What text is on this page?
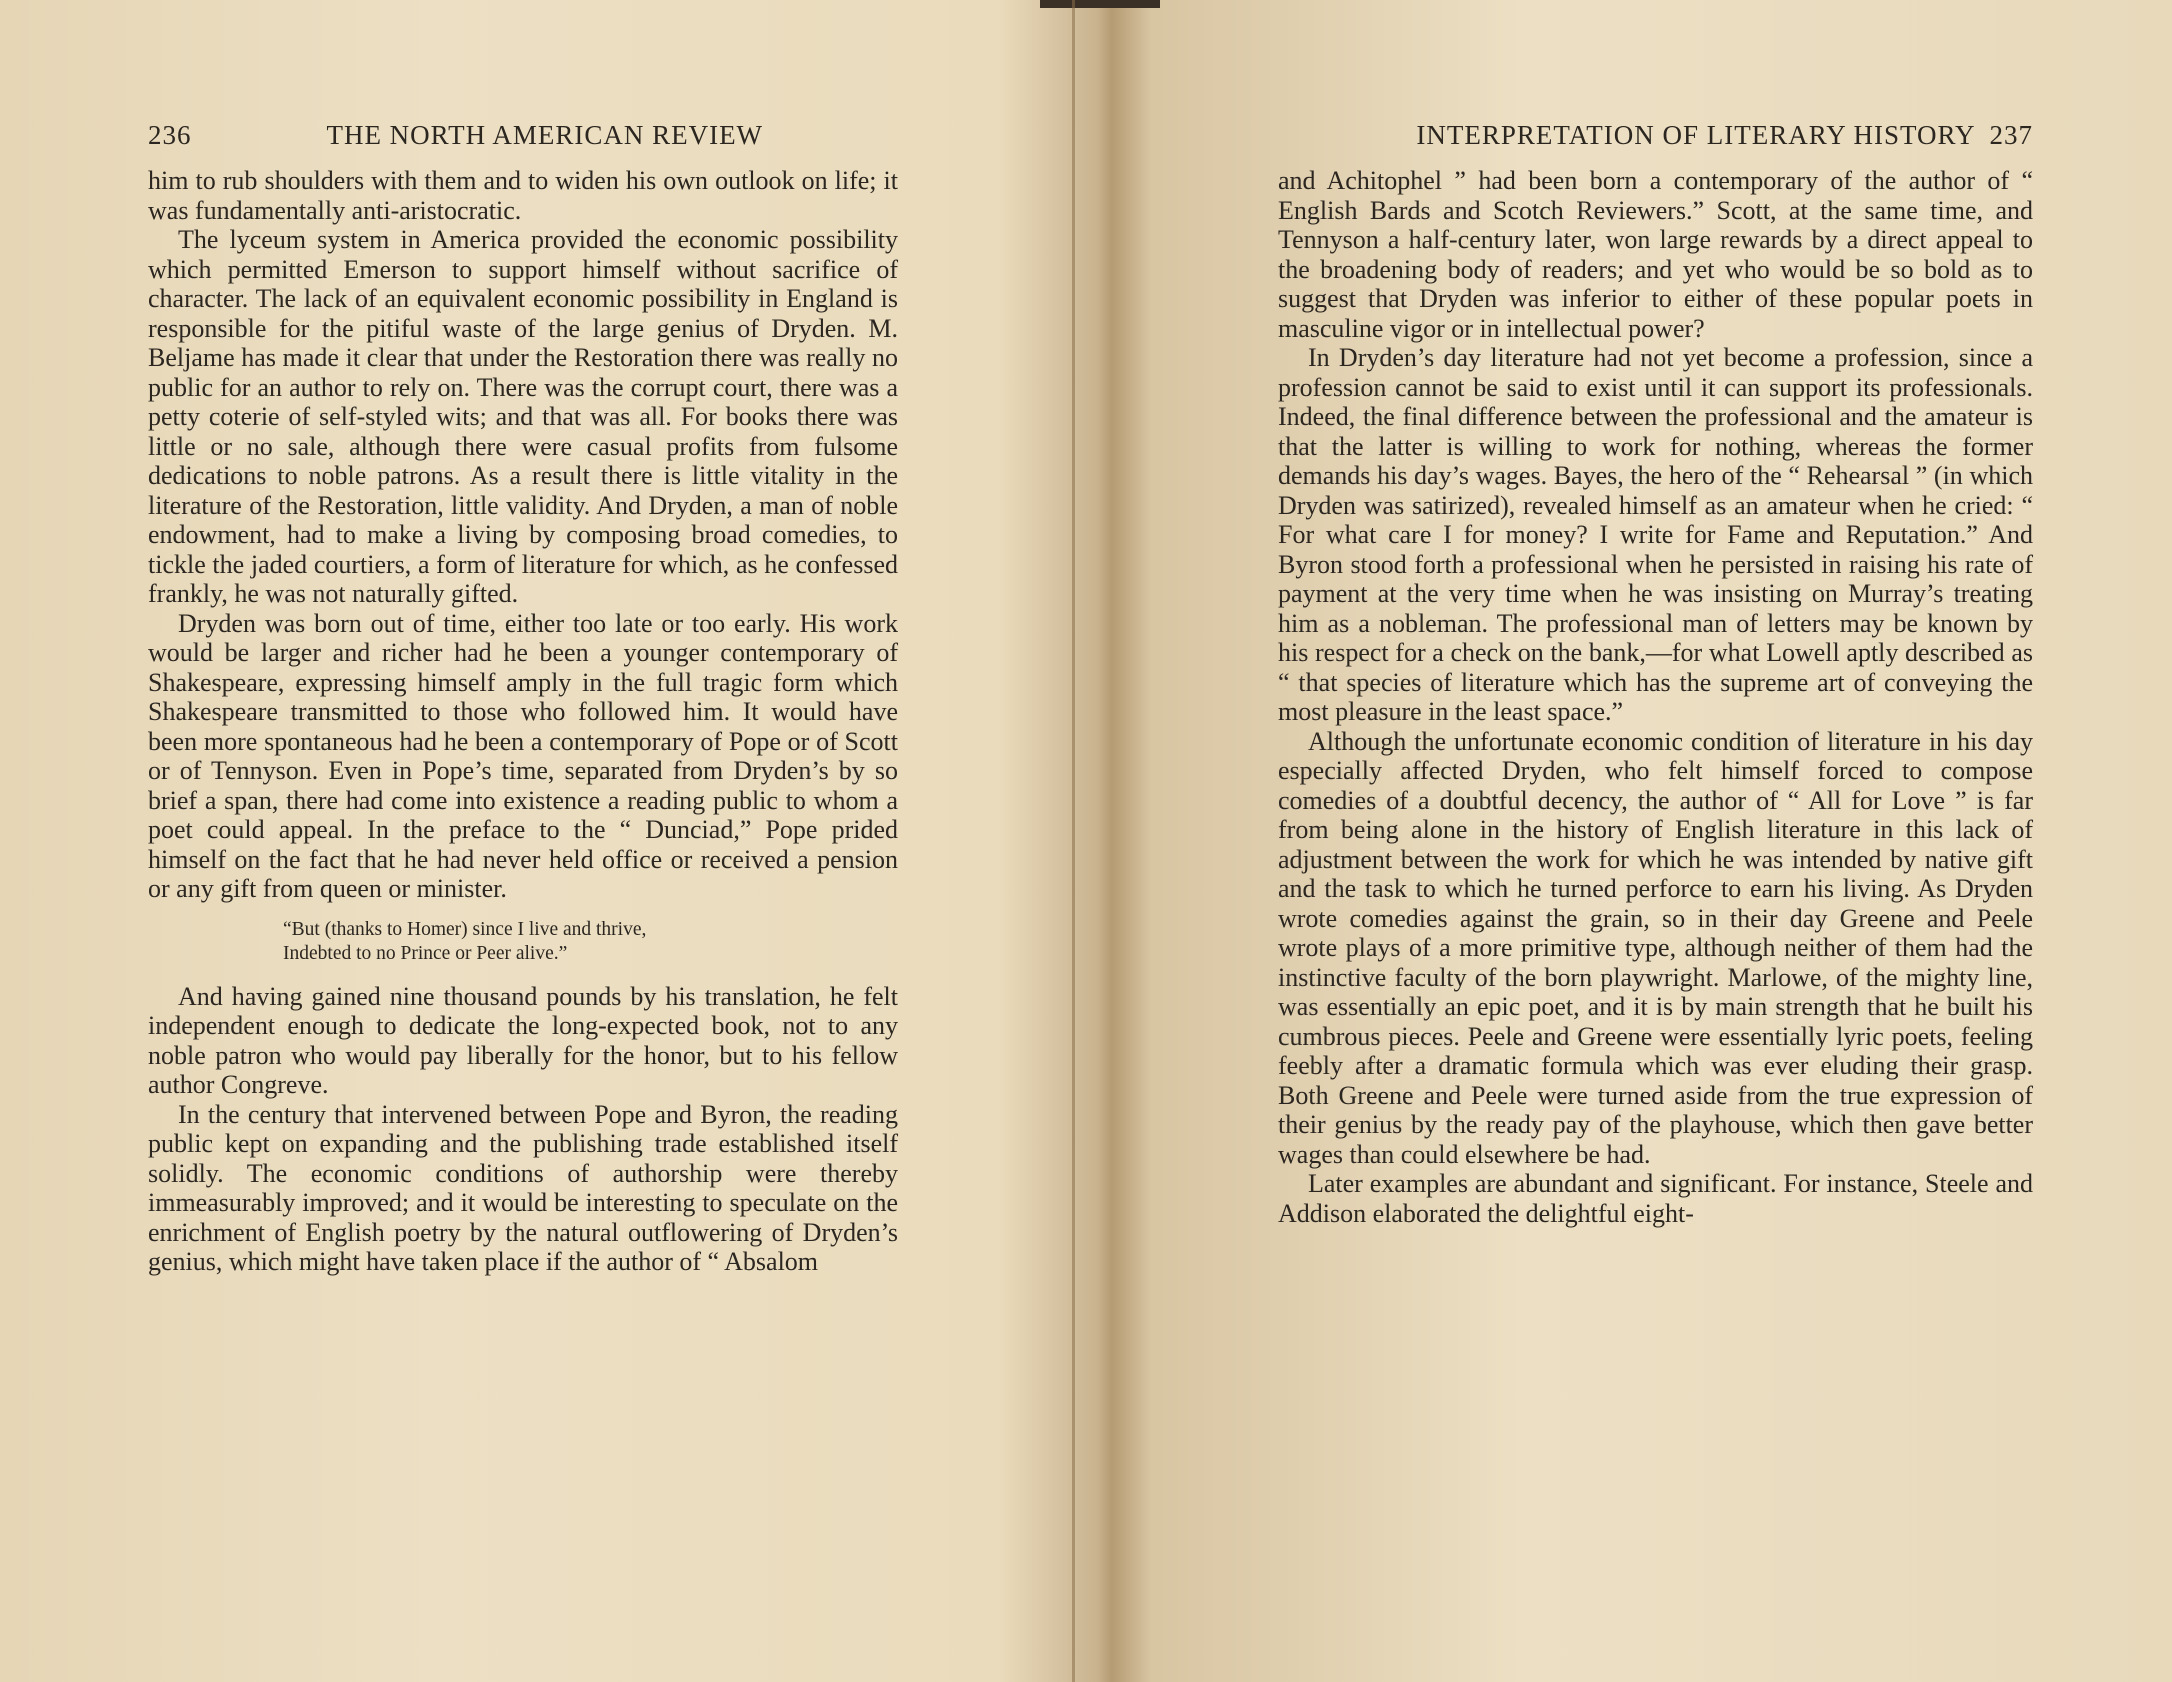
236	THE NORTH AMERICAN REVIEW

him to rub shoulders with them and to widen his own outlook on life; it was fundamentally anti-aristocratic.

The lyceum system in America provided the economic possibility which permitted Emerson to support himself without sacrifice of character. The lack of an equivalent economic possibility in England is responsible for the pitiful waste of the large genius of Dryden. M. Beljame has made it clear that under the Restoration there was really no public for an author to rely on. There was the corrupt court, there was a petty coterie of self-styled wits; and that was all. For books there was little or no sale, although there were casual profits from fulsome dedications to noble patrons. As a result there is little vitality in the literature of the Restoration, little validity. And Dryden, a man of noble endowment, had to make a living by composing broad comedies, to tickle the jaded courtiers, a form of literature for which, as he confessed frankly, he was not naturally gifted.

Dryden was born out of time, either too late or too early. His work would be larger and richer had he been a younger contemporary of Shakespeare, expressing himself amply in the full tragic form which Shakespeare transmitted to those who followed him. It would have been more spontaneous had he been a contemporary of Pope or of Scott or of Tennyson. Even in Pope’s time, separated from Dryden’s by so brief a span, there had come into existence a reading public to whom a poet could appeal. In the preface to the “ Dunciad,” Pope prided himself on the fact that he had never held office or received a pension or any gift from queen or minister.

“But (thanks to Homer) since I live and thrive,
Indebted to no Prince or Peer alive.”

And having gained nine thousand pounds by his translation, he felt independent enough to dedicate the long-expected book, not to any noble patron who would pay liberally for the honor, but to his fellow author Congreve.

In the century that intervened between Pope and Byron, the reading public kept on expanding and the publishing trade established itself solidly. The economic conditions of authorship were thereby immeasurably improved; and it would be interesting to speculate on the enrichment of English poetry by the natural outflowering of Dryden’s genius, which might have taken place if the author of “ Absalom

INTERPRETATION OF LITERARY HISTORY 237

and Achitophel ” had been born a contemporary of the author of “ English Bards and Scotch Reviewers.” Scott, at the same time, and Tennyson a half-century later, won large rewards by a direct appeal to the broadening body of readers; and yet who would be so bold as to suggest that Dryden was inferior to either of these popular poets in masculine vigor or in intellectual power?

In Dryden’s day literature had not yet become a profession, since a profession cannot be said to exist until it can support its professionals. Indeed, the final difference between the professional and the amateur is that the latter is willing to work for nothing, whereas the former demands his day’s wages. Bayes, the hero of the “ Rehearsal ” (in which Dryden was satirized), revealed himself as an amateur when he cried: “ For what care I for money? I write for Fame and Reputation.” And Byron stood forth a professional when he persisted in raising his rate of payment at the very time when he was insisting on Murray’s treating him as a nobleman. The professional man of letters may be known by his respect for a check on the bank,—for what Lowell aptly described as “ that species of literature which has the supreme art of conveying the most pleasure in the least space.”

Although the unfortunate economic condition of literature in his day especially affected Dryden, who felt himself forced to compose comedies of a doubtful decency, the author of “ All for Love ” is far from being alone in the history of English literature in this lack of adjustment between the work for which he was intended by native gift and the task to which he turned perforce to earn his living. As Dryden wrote comedies against the grain, so in their day Greene and Peele wrote plays of a more primitive type, although neither of them had the instinctive faculty of the born playwright. Marlowe, of the mighty line, was essentially an epic poet, and it is by main strength that he built his cumbrous pieces. Peele and Greene were essentially lyric poets, feeling feebly after a dramatic formula which was ever eluding their grasp. Both Greene and Peele were turned aside from the true expression of their genius by the ready pay of the playhouse, which then gave better wages than could elsewhere be had.

Later examples are abundant and significant. For instance, Steele and Addison elaborated the delightful eight-
